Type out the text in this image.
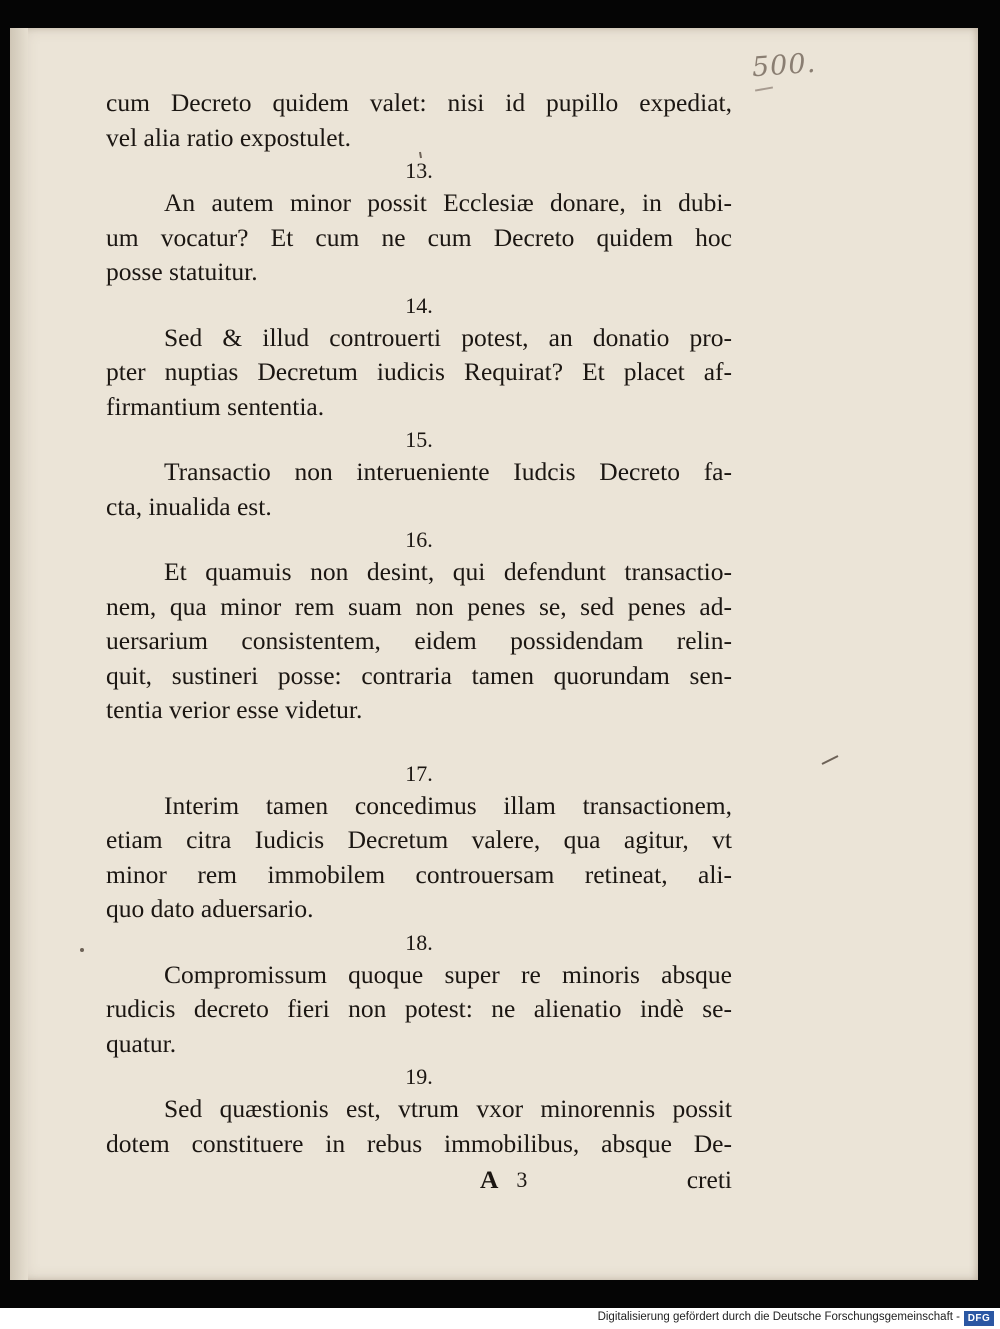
500.
cum Decreto quidem valet: nisi id pupillo expediat,
vel alia ratio expostulet.
13.
An autem minor possit Ecclesiæ donare, in dubi-
um vocatur? Et cum ne cum Decreto quidem hoc
posse statuitur.
14.
Sed & illud controuerti potest, an donatio pro-
pter nuptias Decretum iudicis Requirat? Et placet af-
firmantium sententia.
15.
Transactio non interueniente Iudcis Decreto fa-
cta, inualida est.
16.
Et quamuis non desint, qui defendunt transactio-
nem, qua minor rem suam non penes se, sed penes ad-
uersarium consistentem, eidem possidendam relin-
quit, sustineri posse: contraria tamen quorundam sen-
tentia verior esse videtur.
17.
Interim tamen concedimus illam transactionem,
etiam citra Iudicis Decretum valere, qua agitur, vt
minor rem immobilem controuersam retineat, ali-
quo dato aduersario.
18.
Compromissum quoque super re minoris absque
rudicis decreto fieri non potest: ne alienatio indè se-
quatur.
19.
Sed quæstionis est, vtrum vxor minorennis possit
dotem constituere in rebus immobilibus, absque De-
A 3	creti
Digitalisierung gefördert durch die Deutsche Forschungsgemeinschaft - DFG
